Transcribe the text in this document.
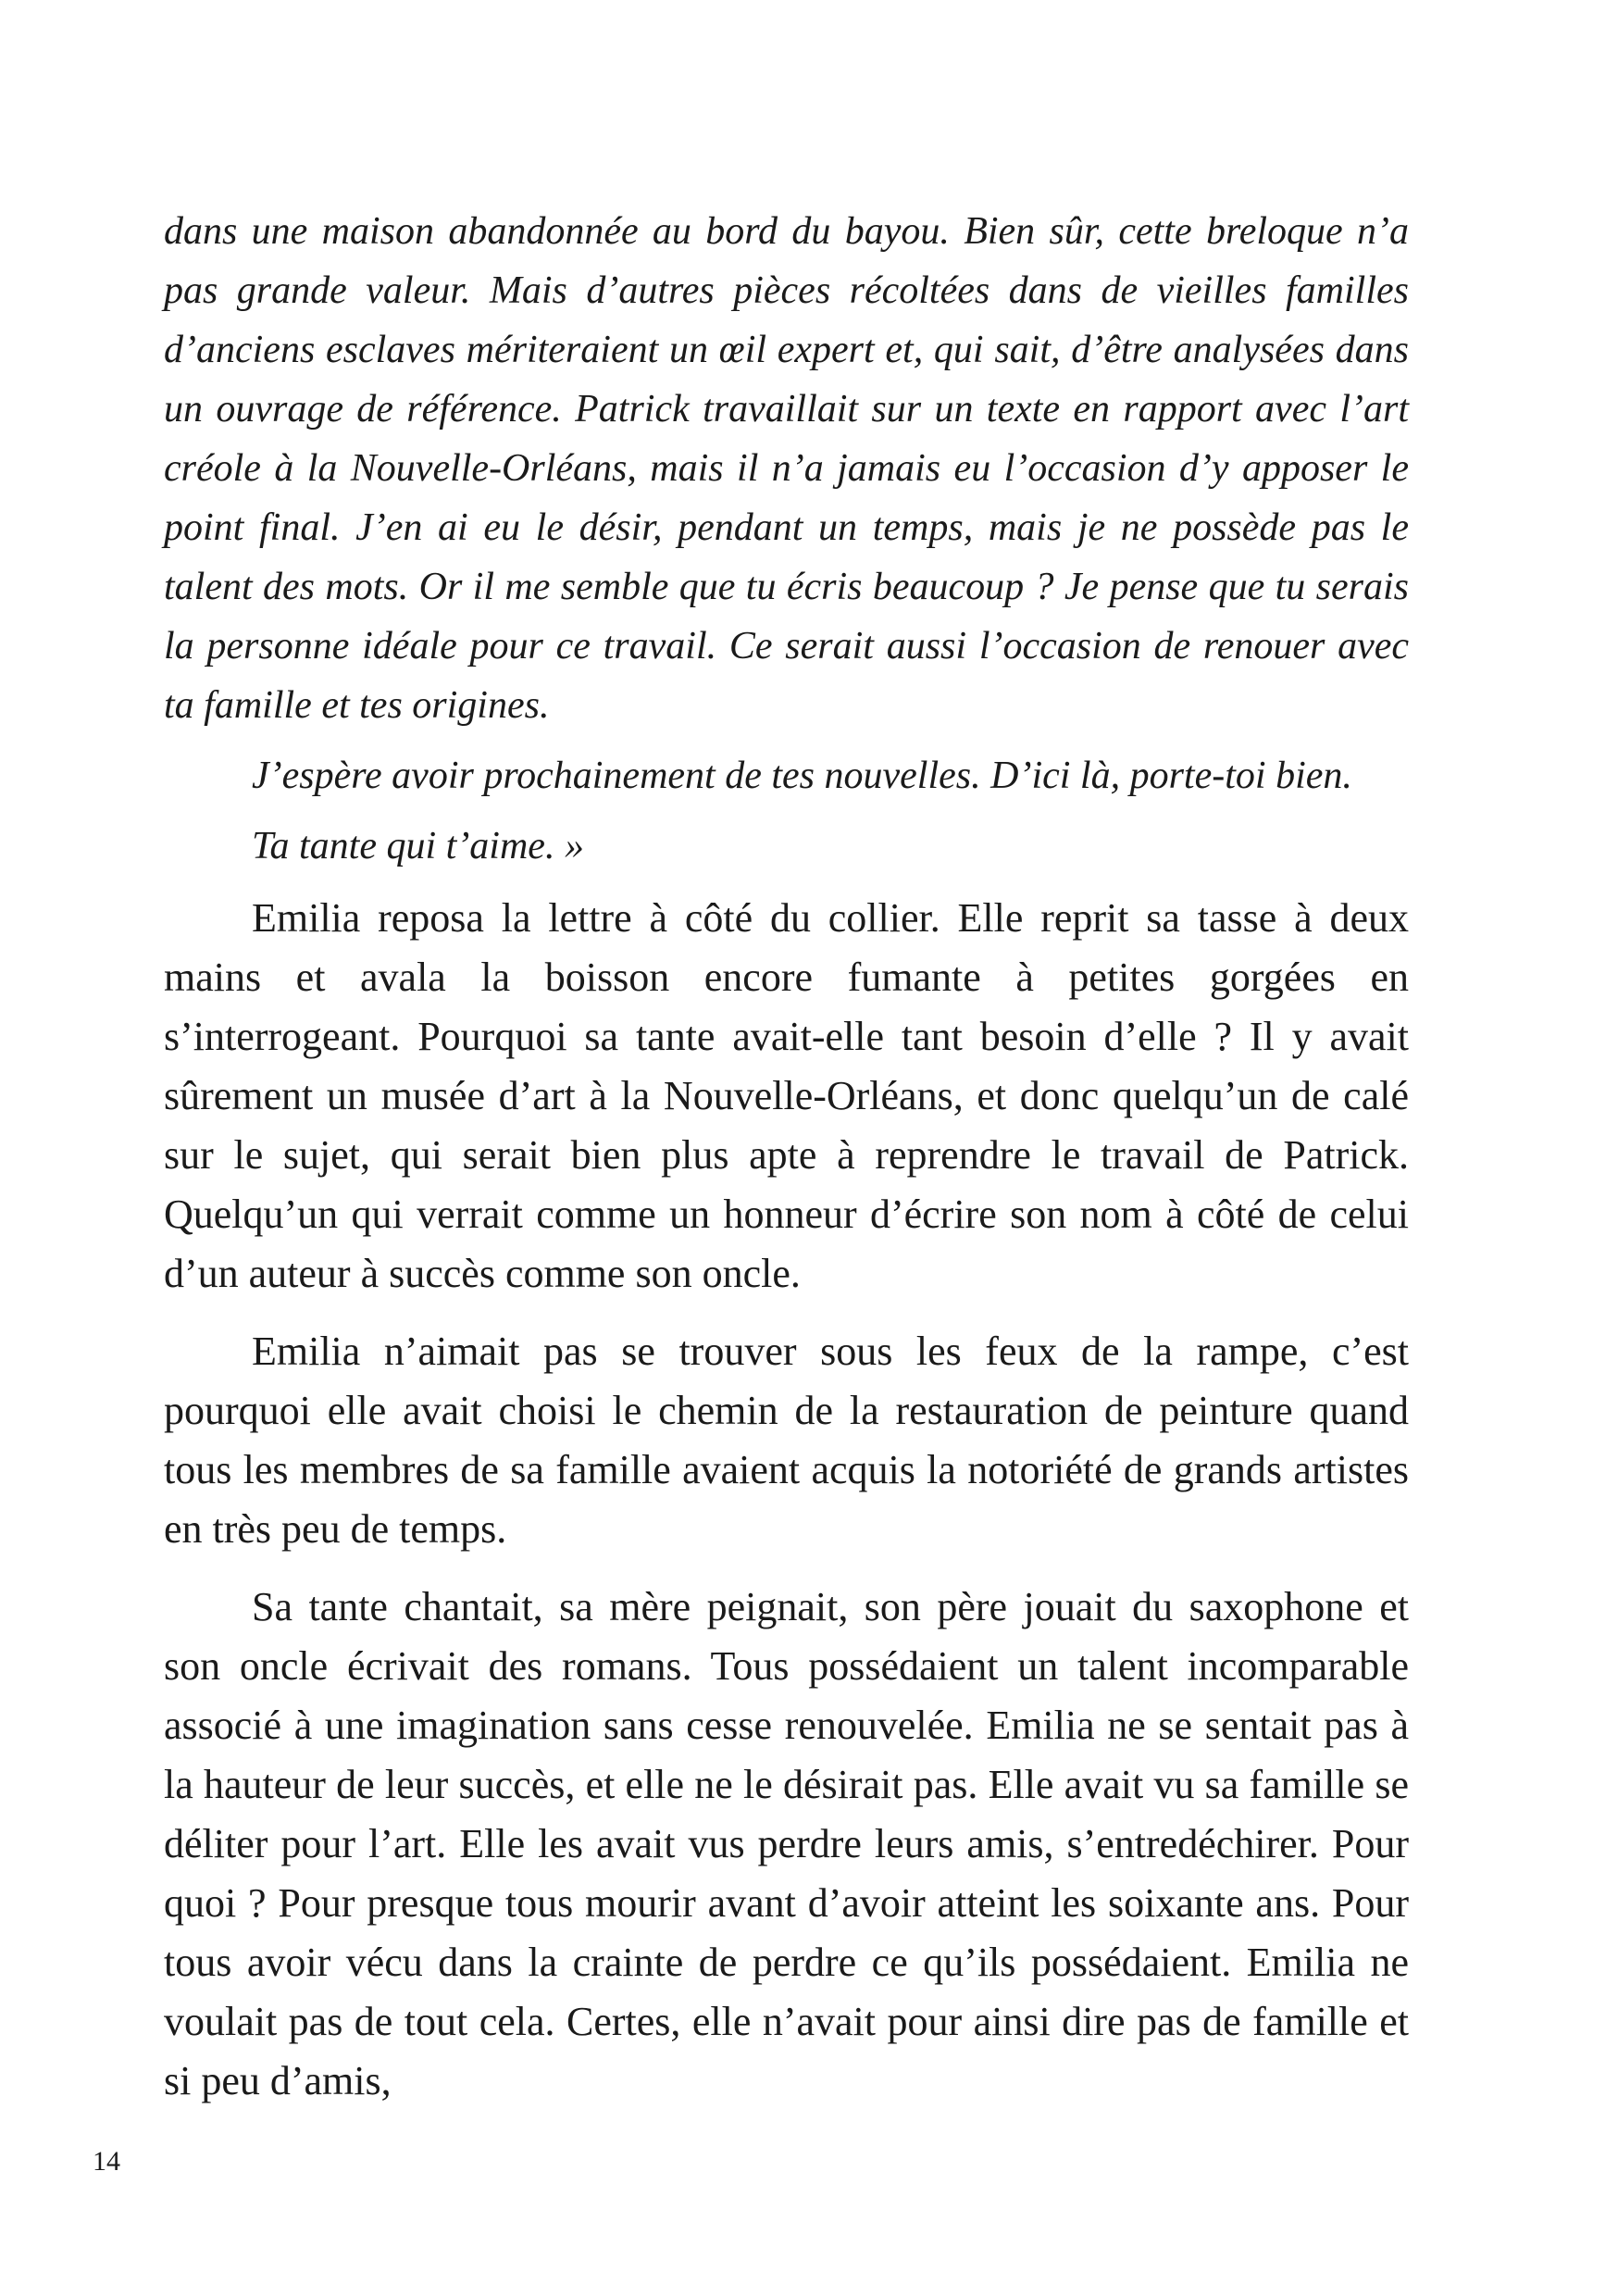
dans une maison abandonnée au bord du bayou. Bien sûr, cette breloque n’a pas grande valeur. Mais d’autres pièces récoltées dans de vieilles familles d’anciens esclaves mériteraient un œil expert et, qui sait, d’être analysées dans un ouvrage de référence. Patrick travaillait sur un texte en rapport avec l’art créole à la Nouvelle-Orléans, mais il n’a jamais eu l’occasion d’y apposer le point final. J’en ai eu le désir, pendant un temps, mais je ne possède pas le talent des mots. Or il me semble que tu écris beaucoup ? Je pense que tu serais la personne idéale pour ce travail. Ce serait aussi l’occasion de renouer avec ta famille et tes origines.

J’espère avoir prochainement de tes nouvelles. D’ici là, porte-toi bien.

Ta tante qui t’aime. »

Emilia reposa la lettre à côté du collier. Elle reprit sa tasse à deux mains et avala la boisson encore fumante à petites gorgées en s’interrogeant. Pourquoi sa tante avait-elle tant besoin d’elle ? Il y avait sûrement un musée d’art à la Nouvelle-Orléans, et donc quelqu’un de calé sur le sujet, qui serait bien plus apte à reprendre le travail de Patrick. Quelqu’un qui verrait comme un honneur d’écrire son nom à côté de celui d’un auteur à succès comme son oncle.

Emilia n’aimait pas se trouver sous les feux de la rampe, c’est pourquoi elle avait choisi le chemin de la restauration de peinture quand tous les membres de sa famille avaient acquis la notoriété de grands artistes en très peu de temps.

Sa tante chantait, sa mère peignait, son père jouait du saxophone et son oncle écrivait des romans. Tous possédaient un talent incomparable associé à une imagination sans cesse renouvelée. Emilia ne se sentait pas à la hauteur de leur succès, et elle ne le désirait pas. Elle avait vu sa famille se déliter pour l’art. Elle les avait vus perdre leurs amis, s’entredéchirer. Pour quoi ? Pour presque tous mourir avant d’avoir atteint les soixante ans. Pour tous avoir vécu dans la crainte de perdre ce qu’ils possédaient. Emilia ne voulait pas de tout cela. Certes, elle n’avait pour ainsi dire pas de famille et si peu d’amis,

14
